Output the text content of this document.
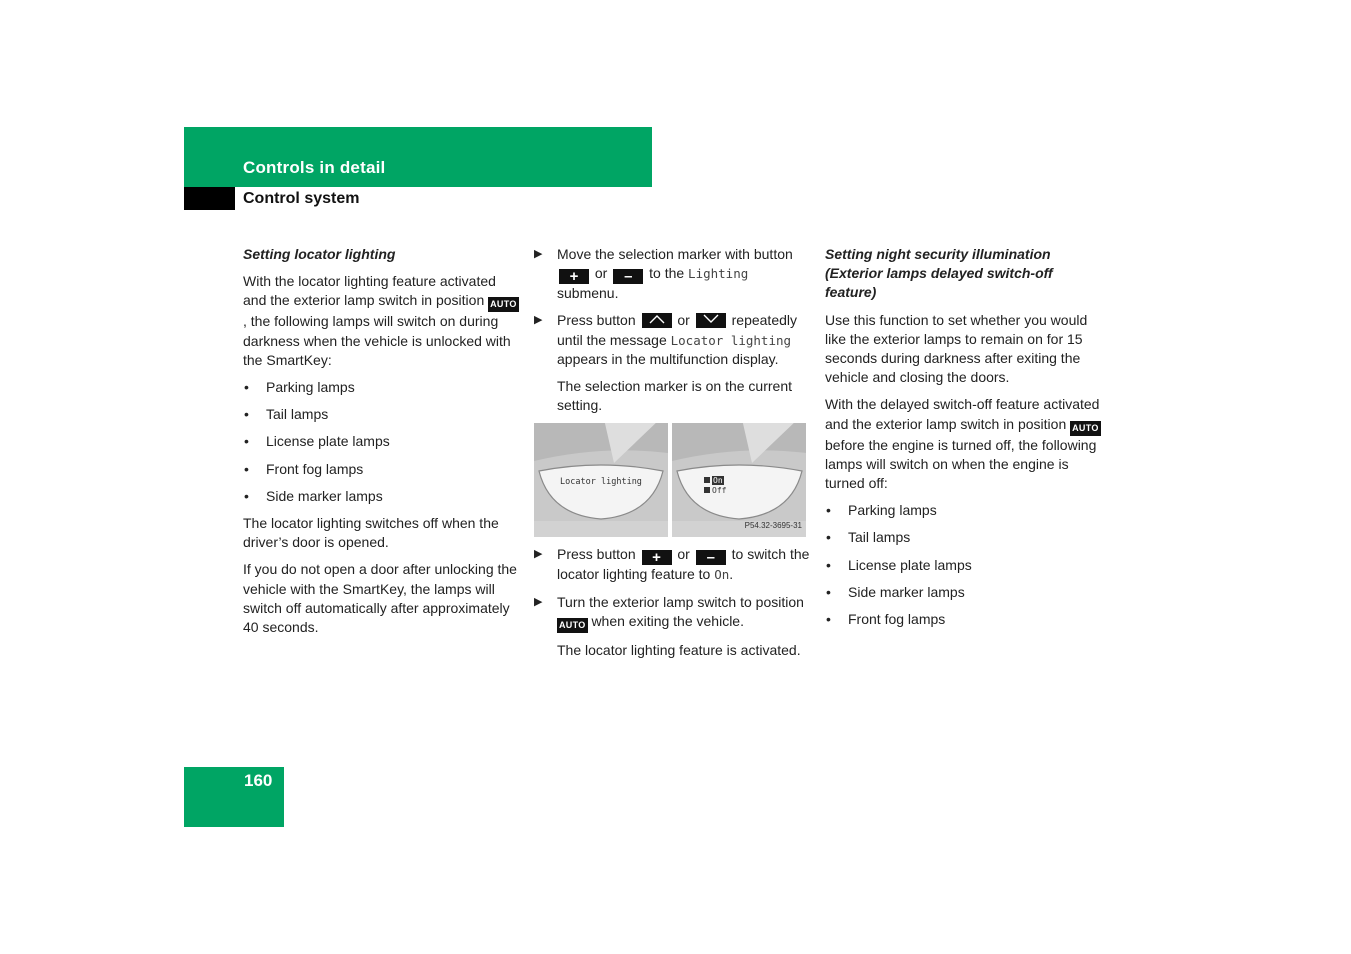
Controls in detail
Control system

Setting locator lighting

With the locator lighting feature activated and the exterior lamp switch in position AUTO, the following lamps will switch on during darkness when the vehicle is unlocked with the SmartKey:

• Parking lamps
• Tail lamps
• License plate lamps
• Front fog lamps
• Side marker lamps

The locator lighting switches off when the driver’s door is opened.

If you do not open a door after unlocking the vehicle with the SmartKey, the lamps will switch off automatically after approximately 40 seconds.

▶ Move the selection marker with button + or – to the Lighting submenu.
▶ Press button	or	repeatedly until the message Locator lighting appears in the multifunction display.

The selection marker is on the current setting.

Locator lighting	On
Off
P54.32-3695-31
▶ Press button + or – to switch the locator lighting feature to On.
▶ Turn the exterior lamp switch to position AUTO when exiting the vehicle.

The locator lighting feature is activated.

Setting night security illumination (Exterior lamps delayed switch-off feature)

Use this function to set whether you would like the exterior lamps to remain on for 15 seconds during darkness after exiting the vehicle and closing the doors.

With the delayed switch-off feature activated and the exterior lamp switch in position AUTO before the engine is turned off, the following lamps will switch on when the engine is turned off:

• Parking lamps
• Tail lamps
• License plate lamps
• Side marker lamps
• Front fog lamps
160
